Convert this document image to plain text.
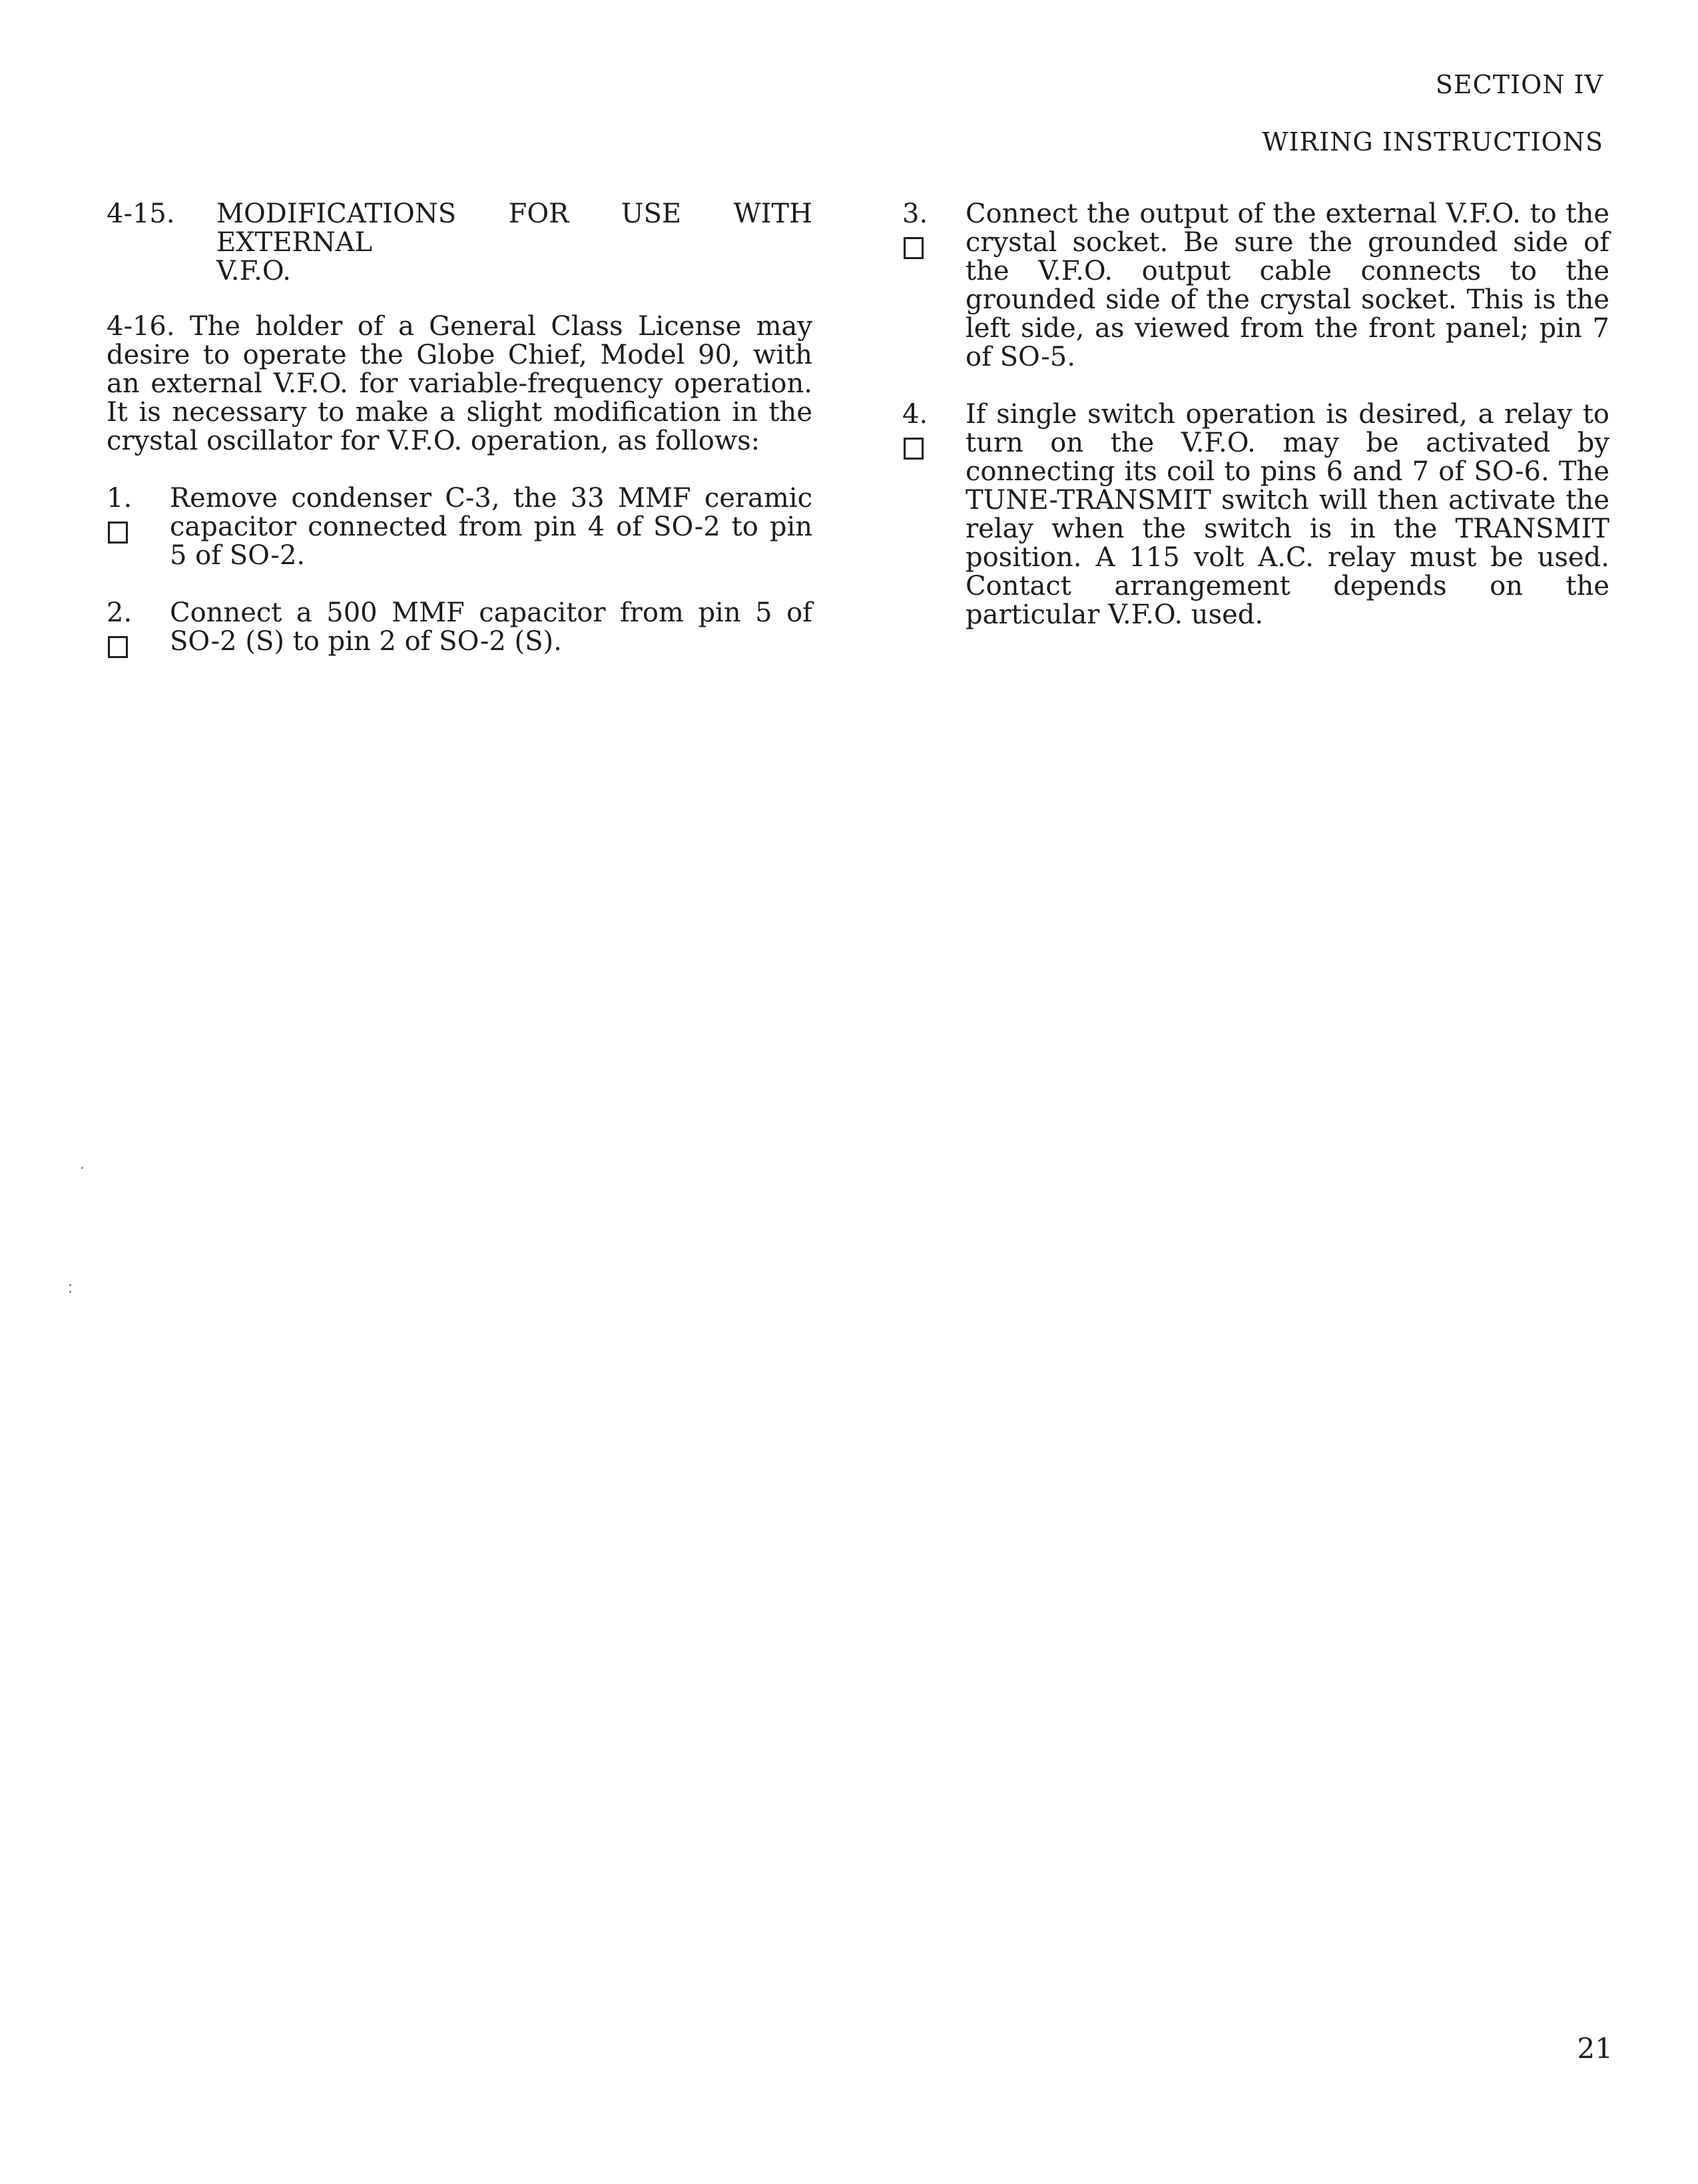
SECTION IV
WIRING INSTRUCTIONS
4-15.	MODIFICATIONS FOR USE WITH EXTERNAL
V.F.O.

4-16. The holder of a General Class License may desire to operate the Globe Chief, Model 90, with an external V.F.O. for variable-frequency operation. It is necessary to make a slight modification in the crystal oscillator for V.F.O. operation, as follows:

1. Remove condenser C-3, the 33 MMF ceramic capacitor connected from pin 4 of SO-2 to pin 5 of SO-2.
2. Connect a 500 MMF capacitor from pin 5 of SO-2 (S) to pin 2 of SO-2 (S).
3. Connect the output of the external V.F.O. to the crystal socket. Be sure the grounded side of the V.F.O. output cable connects to the grounded side of the crystal socket. This is the left side, as viewed from the front panel; pin 7 of SO-5.
4. If single switch operation is desired, a relay to turn on the V.F.O. may be activated by connecting its coil to pins 6 and 7 of SO-6. The TUNE-TRANSMIT switch will then activate the relay when the switch is in the TRANSMIT position. A 115 volt A.C. relay must be used. Contact arrangement depends on the particular V.F.O. used.
21
